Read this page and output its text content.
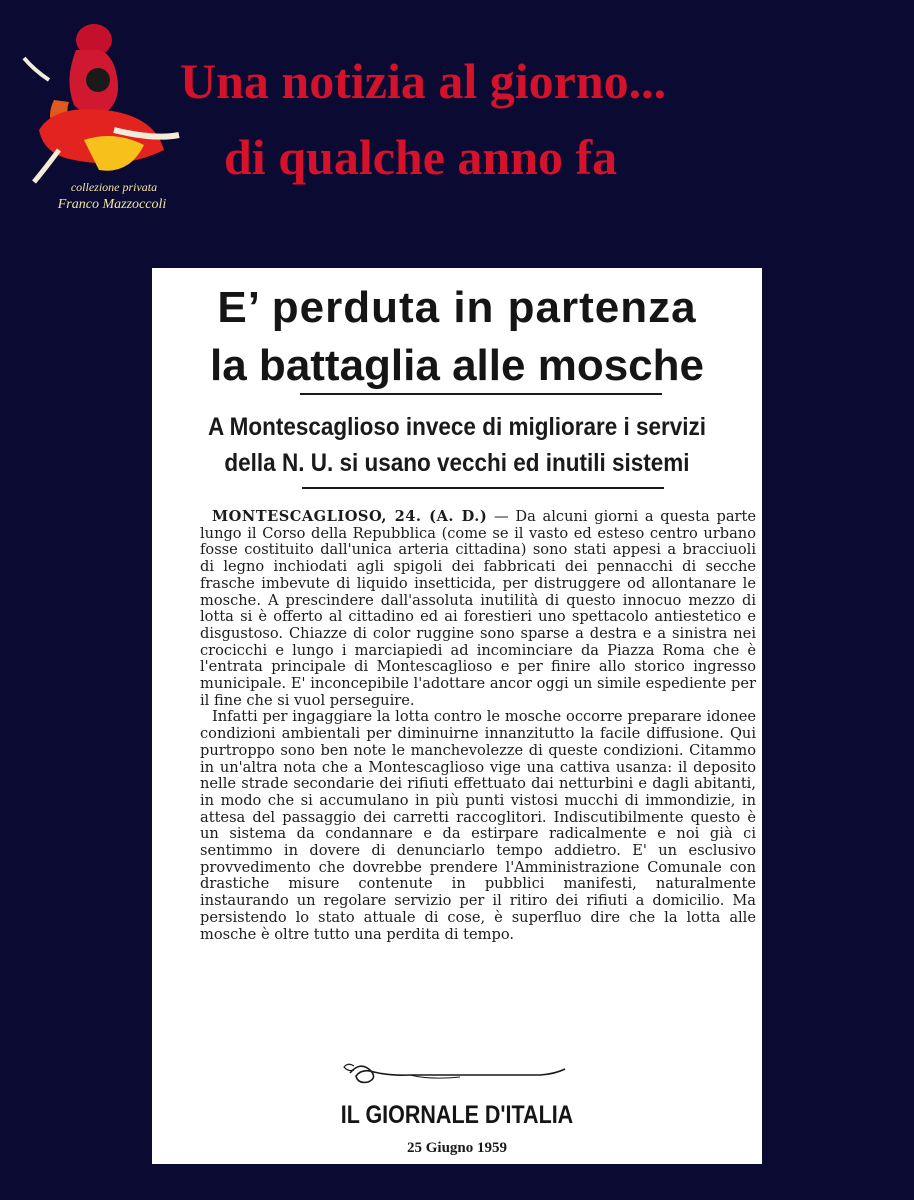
collezione privata
Franco Mazzoccoli
Una notizia al giorno...
di qualche anno fa
E’ perduta in partenza
la battaglia alle mosche
A Montescaglioso invece di migliorare i servizi
della N. U. si usano vecchi ed inutili sistemi

MONTESCAGLIOSO, 24. (A. D.) — Da alcuni giorni a questa parte lungo il Corso della Repubblica (come se il vasto ed esteso centro urbano fosse costituito dall'unica arteria cittadina) sono stati appesi a bracciuoli di legno inchiodati agli spigoli dei fabbricati dei pennacchi di secche frasche imbevute di liquido insetticida, per distruggere od allontanare le mosche. A prescindere dall'assoluta inutilità di questo innocuo mezzo di lotta si è offerto al cittadino ed ai forestieri uno spettacolo antiestetico e disgustoso. Chiazze di color ruggine sono sparse a destra e a sinistra nei crocicchi e lungo i marciapiedi ad incominciare da Piazza Roma che è l'entrata principale di Montescaglioso e per finire allo storico ingresso municipale. E' inconcepibile l'adottare ancor oggi un simile espediente per il fine che si vuol perseguire.

Infatti per ingaggiare la lotta contro le mosche occorre preparare idonee condizioni ambientali per diminuirne innanzitutto la facile diffusione. Qui purtroppo sono ben note le manchevolezze di queste condizioni. Citammo in un'altra nota che a Montescaglioso vige una cattiva usanza: il deposito nelle strade secondarie dei rifiuti effettuato dai netturbini e dagli abitanti, in modo che si accumulano in più punti vistosi mucchi di immondizie, in attesa del passaggio dei carretti raccoglitori. Indiscutibilmente questo è un sistema da condannare e da estirpare radicalmente e noi già ci sentimmo in dovere di denunciarlo tempo addietro. E' un esclusivo provvedimento che dovrebbe prendere l'Amministrazione Comunale con drastiche misure contenute in pubblici manifesti, naturalmente instaurando un regolare servizio per il ritiro dei rifiuti a domicilio. Ma persistendo lo stato attuale di cose, è superfluo dire che la lotta alle mosche è oltre tutto una perdita di tempo.

IL GIORNALE D'ITALIA
25 Giugno 1959
